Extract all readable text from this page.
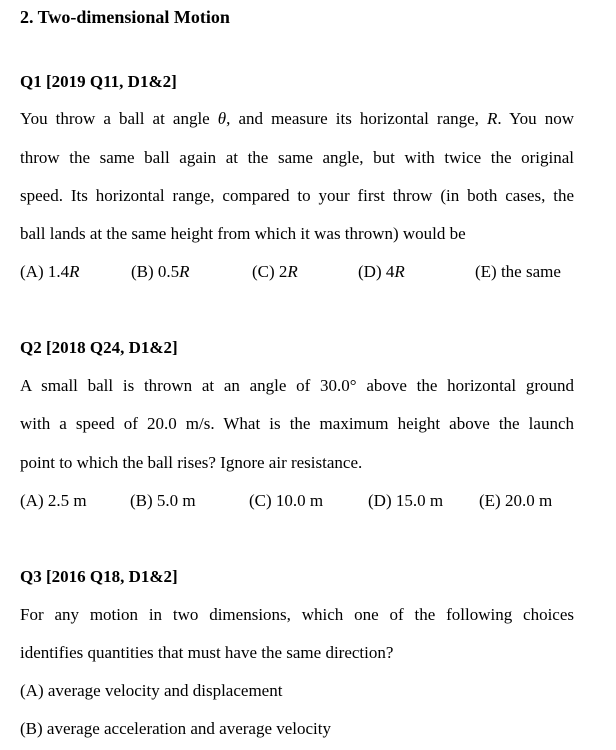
2. Two-dimensional Motion
Q1 [2019 Q11, D1&2]
You throw a ball at angle θ, and measure its horizontal range, R. You now
throw the same ball again at the same angle, but with twice the original
speed. Its horizontal range, compared to your first throw (in both cases, the
ball lands at the same height from which it was thrown) would be
(A) 1.4R	(B) 0.5R	(C) 2R	(D) 4R	(E) the same
Q2 [2018 Q24, D1&2]
A small ball is thrown at an angle of 30.0° above the horizontal ground
with a speed of 20.0 m/s. What is the maximum height above the launch
point to which the ball rises? Ignore air resistance.
(A) 2.5 m	(B) 5.0 m	(C) 10.0 m	(D) 15.0 m (E) 20.0 m
Q3 [2016 Q18, D1&2]
For any motion in two dimensions, which one of the following choices
identifies quantities that must have the same direction?
(A) average velocity and displacement
(B) average acceleration and average velocity
